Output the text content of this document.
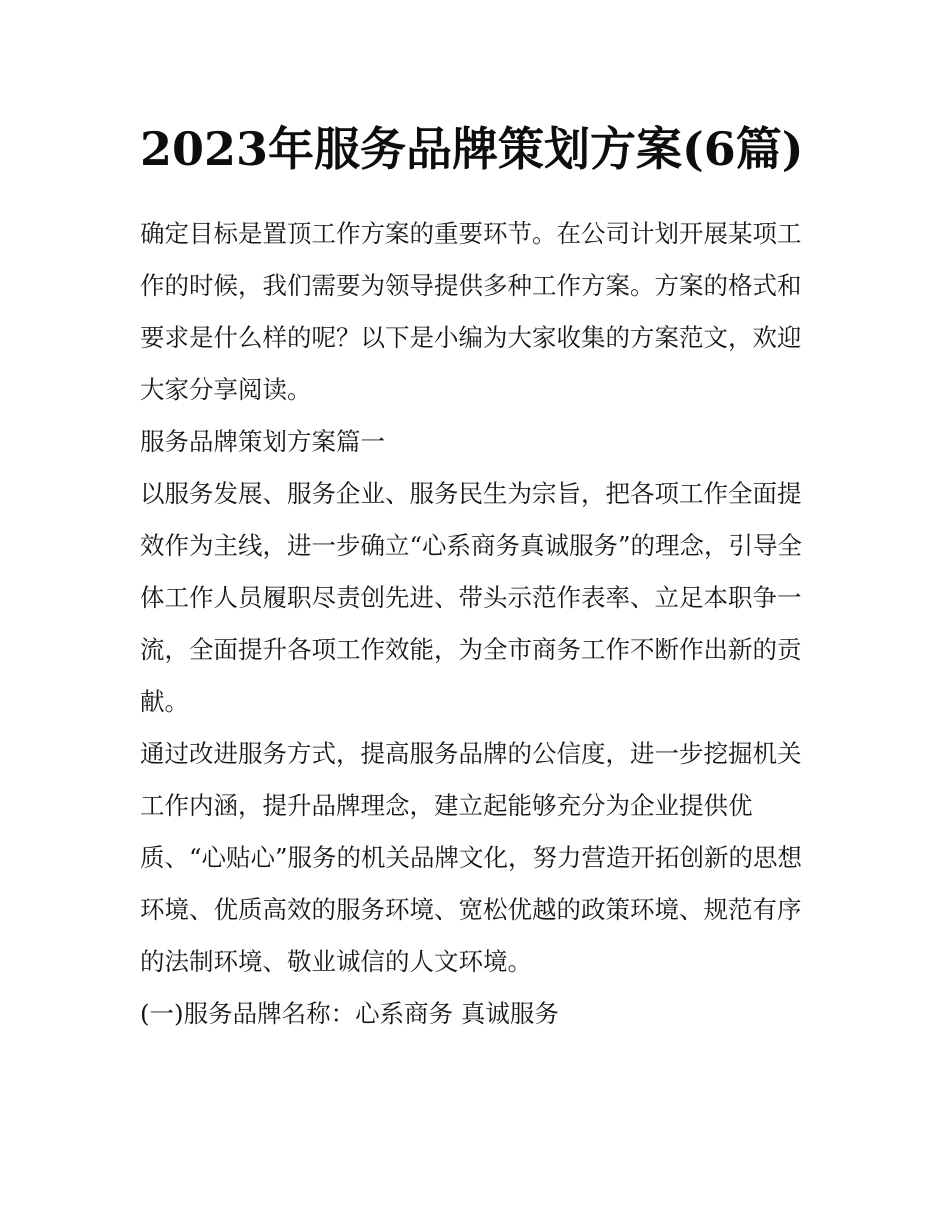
2023年服务品牌策划方案(6篇)

确定目标是置顶工作方案的重要环节。在公司计划开展某项工作的时候，我们需要为领导提供多种工作方案。方案的格式和要求是什么样的呢？以下是小编为大家收集的方案范文，欢迎大家分享阅读。

服务品牌策划方案篇一

以服务发展、服务企业、服务民生为宗旨，把各项工作全面提效作为主线，进一步确立“心系商务真诚服务”的理念，引导全体工作人员履职尽责创先进、带头示范作表率、立足本职争一流，全面提升各项工作效能，为全市商务工作不断作出新的贡献。

通过改进服务方式，提高服务品牌的公信度，进一步挖掘机关工作内涵，提升品牌理念，建立起能够充分为企业提供优质、“心贴心”服务的机关品牌文化，努力营造开拓创新的思想环境、优质高效的服务环境、宽松优越的政策环境、规范有序的法制环境、敬业诚信的人文环境。

(一)服务品牌名称：心系商务 真诚服务
